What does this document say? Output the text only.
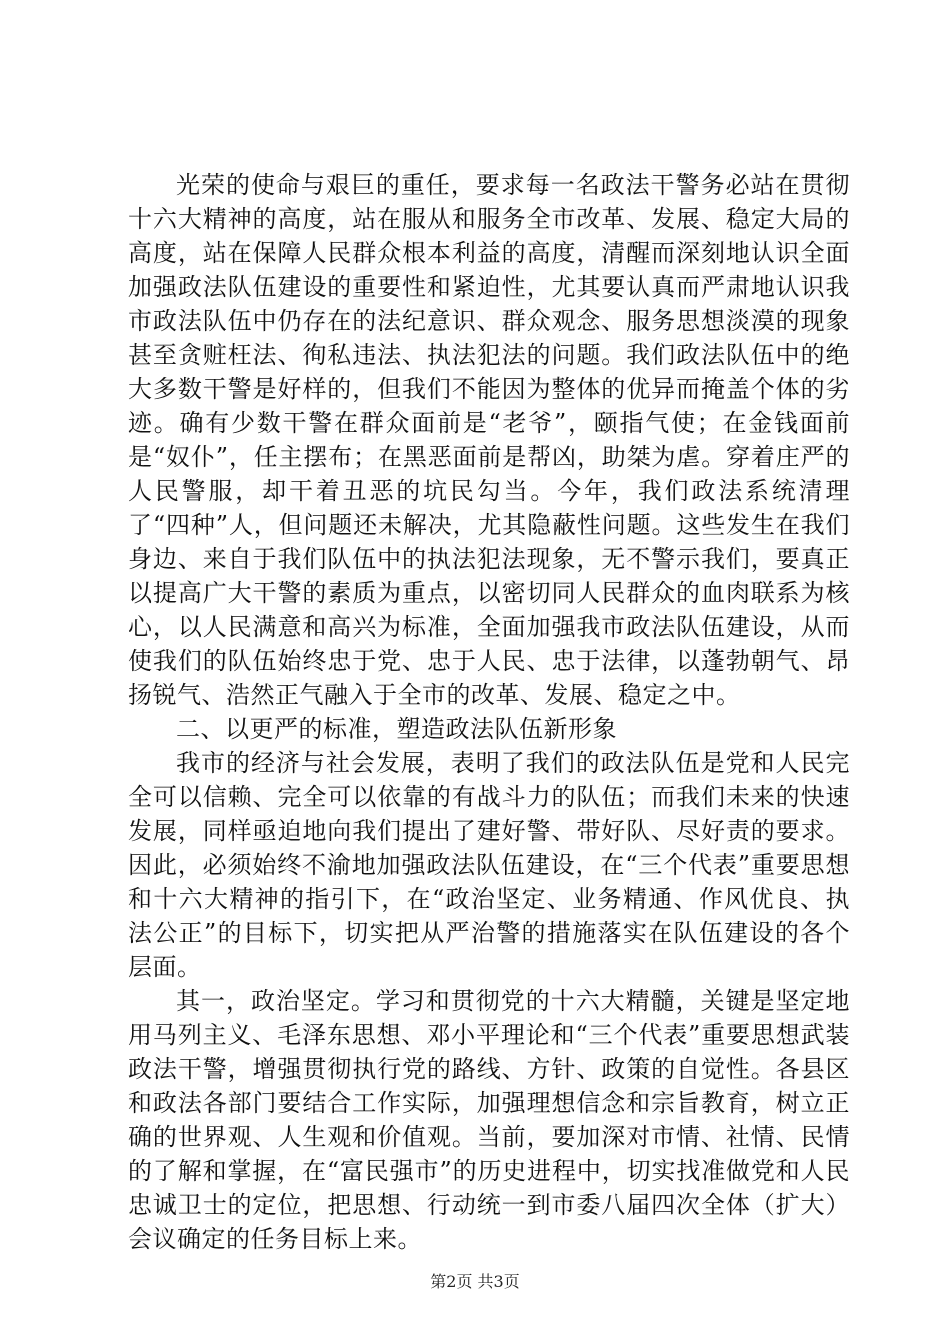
光荣的使命与艰巨的重任，要求每一名政法干警务必站在贯彻十六大精神的高度，站在服从和服务全市改革、发展、稳定大局的高度，站在保障人民群众根本利益的高度，清醒而深刻地认识全面加强政法队伍建设的重要性和紧迫性，尤其要认真而严肃地认识我市政法队伍中仍存在的法纪意识、群众观念、服务思想淡漠的现象甚至贪赃枉法、徇私违法、执法犯法的问题。我们政法队伍中的绝大多数干警是好样的，但我们不能因为整体的优异而掩盖个体的劣迹。确有少数干警在群众面前是“老爷”，颐指气使；在金钱面前是“奴仆”，任主摆布；在黑恶面前是帮凶，助桀为虐。穿着庄严的人民警服，却干着丑恶的坑民勾当。今年，我们政法系统清理了“四种”人，但问题还未解决，尤其隐蔽性问题。这些发生在我们身边、来自于我们队伍中的执法犯法现象，无不警示我们，要真正以提高广大干警的素质为重点，以密切同人民群众的血肉联系为核心，以人民满意和高兴为标准，全面加强我市政法队伍建设，从而使我们的队伍始终忠于党、忠于人民、忠于法律，以蓬勃朝气、昂扬锐气、浩然正气融入于全市的改革、发展、稳定之中。

二、以更严的标准，塑造政法队伍新形象

我市的经济与社会发展，表明了我们的政法队伍是党和人民完全可以信赖、完全可以依靠的有战斗力的队伍；而我们未来的快速发展，同样亟迫地向我们提出了建好警、带好队、尽好责的要求。因此，必须始终不渝地加强政法队伍建设，在“三个代表”重要思想和十六大精神的指引下，在“政治坚定、业务精通、作风优良、执法公正”的目标下，切实把从严治警的措施落实在队伍建设的各个层面。

其一，政治坚定。学习和贯彻党的十六大精髓，关键是坚定地用马列主义、毛泽东思想、邓小平理论和“三个代表”重要思想武装政法干警，增强贯彻执行党的路线、方针、政策的自觉性。各县区和政法各部门要结合工作实际，加强理想信念和宗旨教育，树立正确的世界观、人生观和价值观。当前，要加深对市情、社情、民情的了解和掌握，在“富民强市”的历史进程中，切实找准做党和人民忠诚卫士的定位，把思想、行动统一到市委八届四次全体（扩大）会议确定的任务目标上来。

第2页 共3页
